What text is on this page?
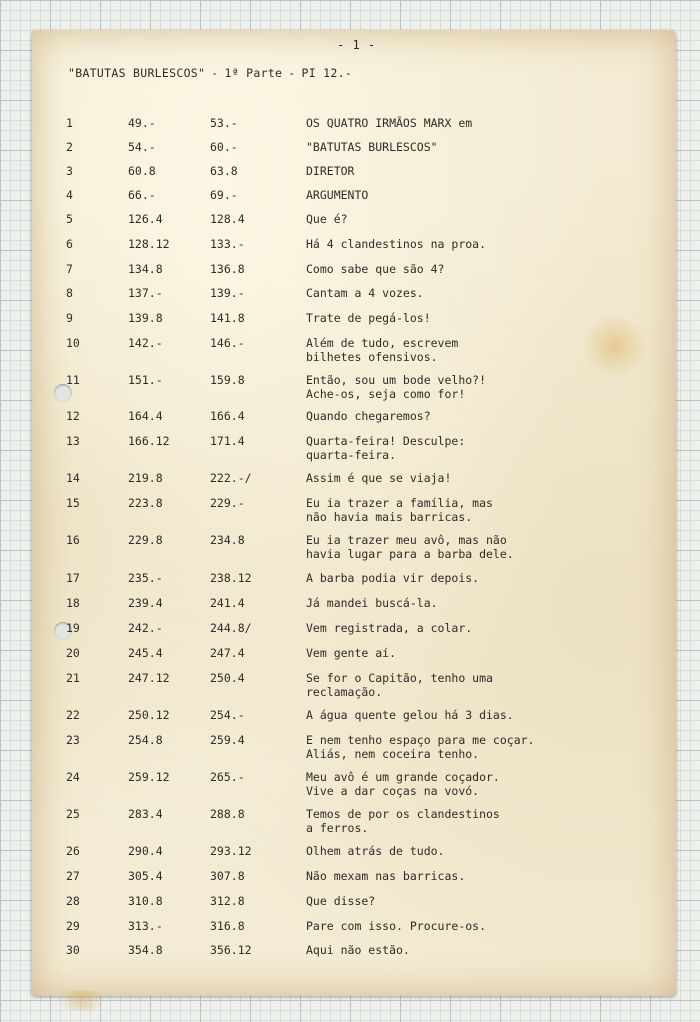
- 1 -
"BATUTAS BURLESCOS" - 1ª Parte - PI 12.-
1	49.-	53.-	OS QUATRO IRMÃOS MARX em
2	54.-	60.-	"BATUTAS BURLESCOS"
3	60.8	63.8	DIRETOR
4	66.-	69.-	ARGUMENTO
5	126.4	128.4	Que é?
6	128.12	133.-	Há 4 clandestinos na proa.
7	134.8	136.8	Como sabe que são 4?
8	137.-	139.-	Cantam a 4 vozes.
9	139.8	141.8	Trate de pegá-los!
10	142.-	146.-	Além de tudo, escrevem
bilhetes ofensivos.
11	151.-	159.8	Então, sou um bode velho?!
Ache-os, seja como for!
12	164.4	166.4	Quando chegaremos?
13	166.12	171.4	Quarta-feira! Desculpe:
quarta-feira.
14	219.8	222.-/	Assim é que se viaja!
15	223.8	229.-	Eu ia trazer a família, mas
não havia mais barricas.
16	229.8	234.8	Eu ia trazer meu avô, mas não
havia lugar para a barba dele.
17	235.-	238.12	A barba podia vir depois.
18	239.4	241.4	Já mandei buscá-la.
19	242.-	244.8/	Vem registrada, a colar.
20	245.4	247.4	Vem gente aí.
21	247.12	250.4	Se for o Capitão, tenho uma
reclamação.
22	250.12	254.-	A água quente gelou há 3 dias.
23	254.8	259.4	E nem tenho espaço para me coçar.
Aliás, nem coceira tenho.
24	259.12	265.-	Meu avô é um grande coçador.
Vive a dar coças na vovó.
25	283.4	288.8	Temos de por os clandestinos
a ferros.
26	290.4	293.12	Olhem atrás de tudo.
27	305.4	307.8	Não mexam nas barricas.
28	310.8	312.8	Que disse?
29	313.-	316.8	Pare com isso. Procure-os.
30	354.8	356.12	Aqui não estão.
